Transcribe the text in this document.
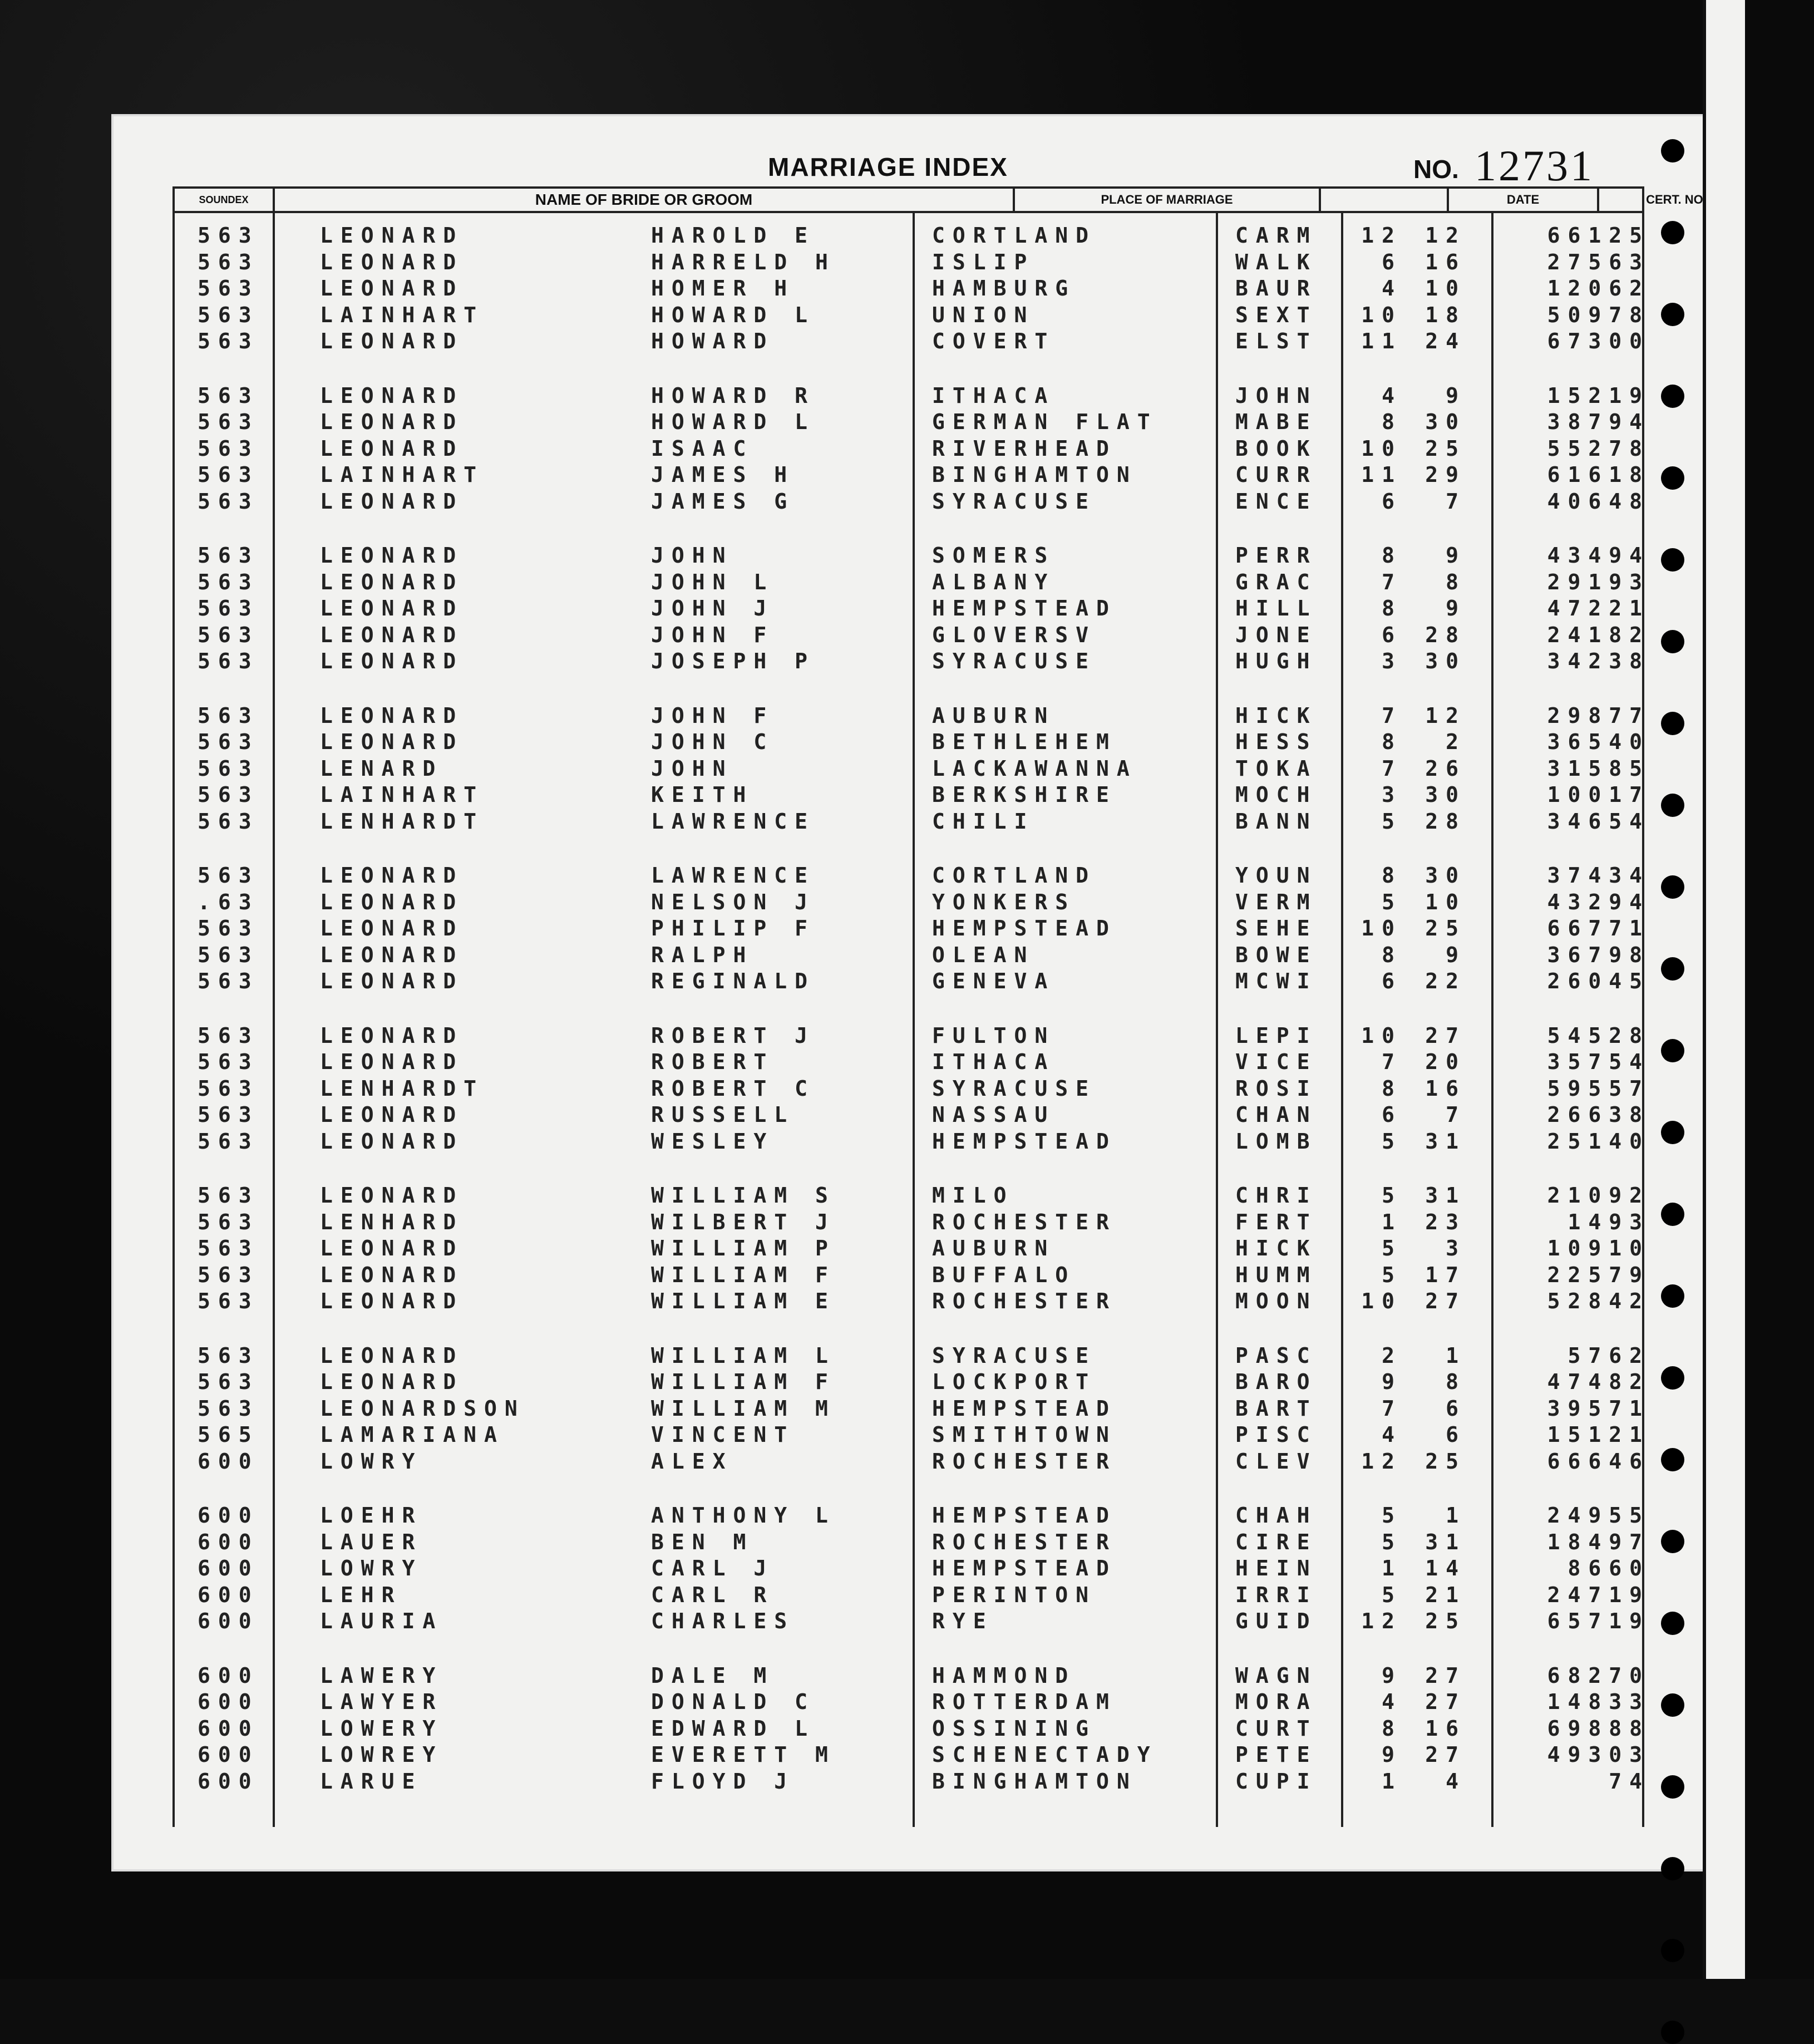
MARRIAGE INDEX	NO. 12731
SOUNDEX	NAME OF BRIDE OR GROOM	PLACE OF MARRIAGE	DATE	CERT. NO.
563	LEONARD	HAROLD E	CORTLAND	CARM 12	12	66125
563	LEONARD	HARRELD H	ISLIP	WALK	6	16	27563
563	LEONARD	HOMER H	HAMBURG	BAUR	4	10	12062
563	LAINHART	HOWARD L	UNION	SEXT 10	18	50978
563	LEONARD	HOWARD	COVERT	ELST 11	24	67300
563	LEONARD	HOWARD R	ITHACA	JOHN	4	9	15219
563	LEONARD	HOWARD L	GERMAN FLAT	MABE	8	30	38794
563	LEONARD	ISAAC	RIVERHEAD	BOOK 10	25	55278
563	LAINHART	JAMES H	BINGHAMTON	CURR 11	29	61618
563	LEONARD	JAMES G	SYRACUSE	ENCE	6	7	40648
563	LEONARD	JOHN	SOMERS	PERR	8	9	43494
563	LEONARD	JOHN L	ALBANY	GRAC	7	8	29193
563	LEONARD	JOHN J	HEMPSTEAD	HILL	8	9	47221
563	LEONARD	JOHN F	GLOVERSV	JONE	6	28	24182
563	LEONARD	JOSEPH P	SYRACUSE	HUGH	3	30	34238
563	LEONARD	JOHN F	AUBURN	HICK	7	12	29877
563	LEONARD	JOHN C	BETHLEHEM	HESS	8	2	36540
563	LENARD	JOHN	LACKAWANNA	TOKA	7	26	31585
563	LAINHART	KEITH	BERKSHIRE	MOCH	3	30	10017
563	LENHARDT	LAWRENCE	CHILI	BANN	5	28	34654
563	LEONARD	LAWRENCE	CORTLAND	YOUN	8	30	37434
.63	LEONARD	NELSON J	YONKERS	VERM	5	10	43294
563	LEONARD	PHILIP F	HEMPSTEAD	SEHE 10	25	66771
563	LEONARD	RALPH	OLEAN	BOWE	8	9	36798
563	LEONARD	REGINALD	GENEVA	MCWI	6	22	26045
563	LEONARD	ROBERT J	FULTON	LEPI 10	27	54528
563	LEONARD	ROBERT	ITHACA	VICE	7	20	35754
563	LENHARDT	ROBERT C	SYRACUSE	ROSI	8	16	59557
563	LEONARD	RUSSELL	NASSAU	CHAN	6	7	26638
563	LEONARD	WESLEY	HEMPSTEAD	LOMB	5	31	25140
563	LEONARD	WILLIAM S	MILO	CHRI	5	31	21092
563	LENHARD	WILBERT J	ROCHESTER	FERT	1	23	1493
563	LEONARD	WILLIAM P	AUBURN	HICK	5	3	10910
563	LEONARD	WILLIAM F	BUFFALO	HUMM	5	17	22579
563	LEONARD	WILLIAM E	ROCHESTER	MOON 10	27	52842
563	LEONARD	WILLIAM L	SYRACUSE	PASC	2	1	5762
563	LEONARD	WILLIAM F	LOCKPORT	BARO	9	8	47482
563	LEONARDSON	WILLIAM M	HEMPSTEAD	BART	7	6	39571
565	LAMARIANA	VINCENT	SMITHTOWN	PISC	4	6	15121
600	LOWRY	ALEX	ROCHESTER	CLEV 12	25	66646
600	LOEHR	ANTHONY L	HEMPSTEAD	CHAH	5	1	24955
600	LAUER	BEN M	ROCHESTER	CIRE	5	31	18497
600	LOWRY	CARL J	HEMPSTEAD	HEIN	1	14	8660
600	LEHR	CARL R	PERINTON	IRRI	5	21	24719
600	LAURIA	CHARLES	RYE	GUID 12	25	65719
600	LAWERY	DALE M	HAMMOND	WAGN	9	27	68270
600	LAWYER	DONALD C	ROTTERDAM	MORA	4	27	14833
600	LOWERY	EDWARD L	OSSINING	CURT	8	16	69888
600	LOWREY	EVERETT M	SCHENECTADY	PETE	9	27	49303
600	LARUE	FLOYD J	BINGHAMTON	CUPI	1	4	74
